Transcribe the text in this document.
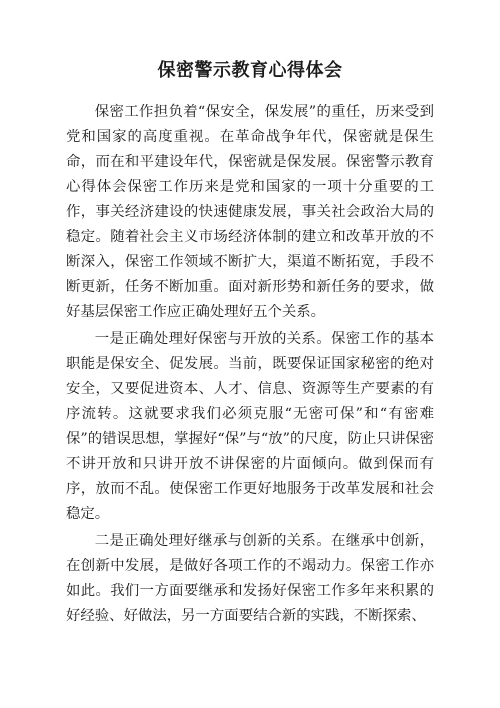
保密警示教育心得体会

保密工作担负着“保安全，保发展”的重任，历来受到党和国家的高度重视。在革命战争年代，保密就是保生命，而在和平建设年代，保密就是保发展。保密警示教育心得体会保密工作历来是党和国家的一项十分重要的工作，事关经济建设的快速健康发展，事关社会政治大局的稳定。随着社会主义市场经济体制的建立和改革开放的不断深入，保密工作领域不断扩大，渠道不断拓宽，手段不断更新，任务不断加重。面对新形势和新任务的要求，做好基层保密工作应正确处理好五个关系。

一是正确处理好保密与开放的关系。保密工作的基本职能是保安全、促发展。当前，既要保证国家秘密的绝对安全，又要促进资本、人才、信息、资源等生产要素的有序流转。这就要求我们必须克服“无密可保”和“有密难保”的错误思想，掌握好“保”与“放”的尺度，防止只讲保密不讲开放和只讲开放不讲保密的片面倾向。做到保而有序，放而不乱。使保密工作更好地服务于改革发展和社会稳定。

二是正确处理好继承与创新的关系。在继承中创新，在创新中发展，是做好各项工作的不竭动力。保密工作亦如此。我们一方面要继承和发扬好保密工作多年来积累的好经验、好做法，另一方面要结合新的实践，不断探索、
